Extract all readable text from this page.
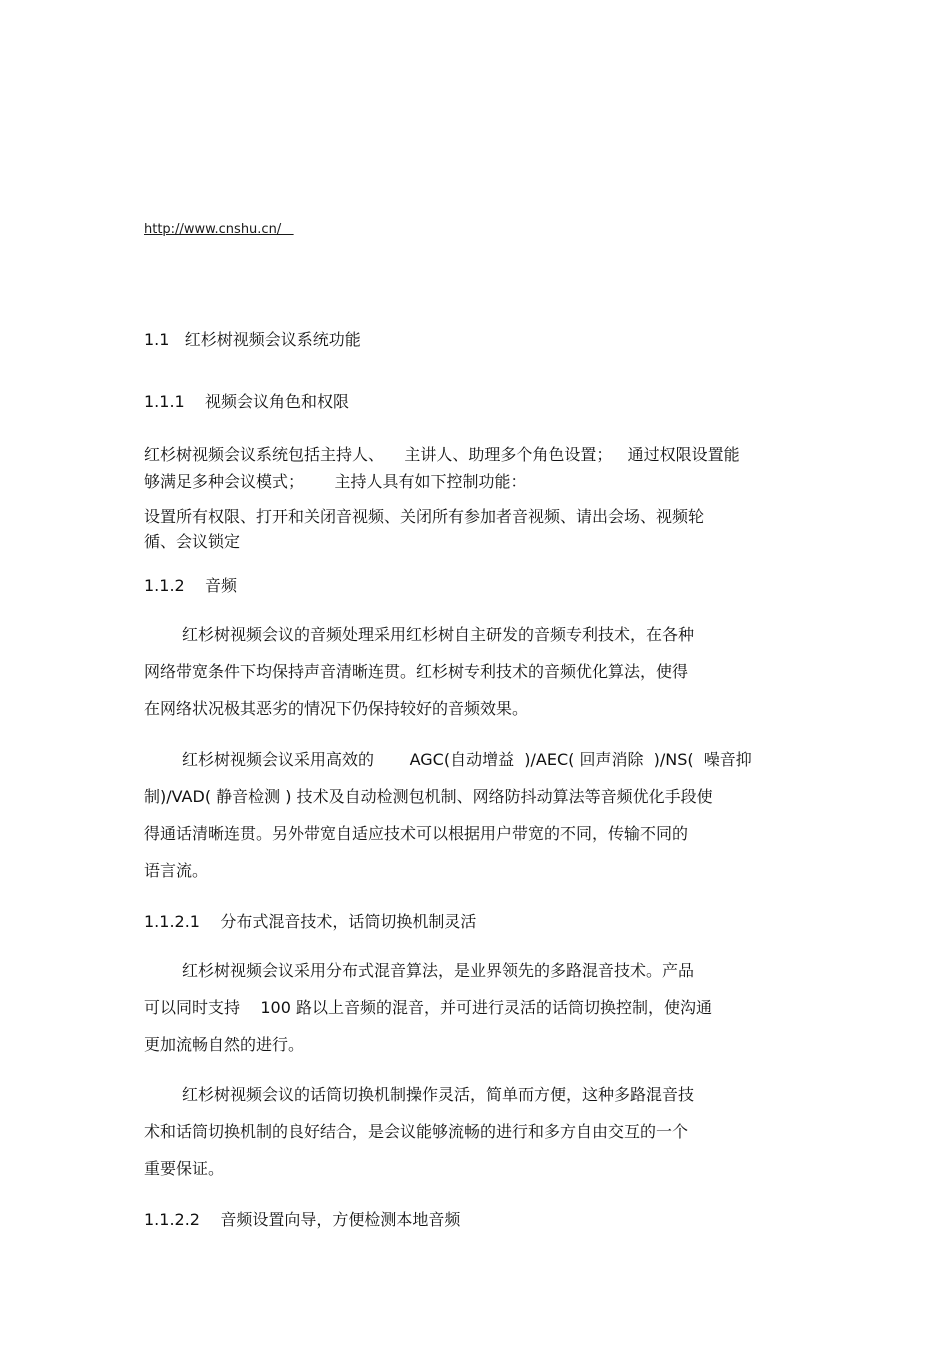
http://www.cnshu.cn/
1.1   红杉树视频会议系统功能
1.1.1    视频会议角色和权限
红杉树视频会议系统包括主持人、    主讲人、助理多个角色设置；   通过权限设置能
够满足多种会议模式；      主持人具有如下控制功能：
设置所有权限、打开和关闭音视频、关闭所有参加者音视频、请出会场、视频轮
循、会议锁定
1.1.2    音频
红杉树视频会议的音频处理采用红杉树自主研发的音频专利技术，在各种
网络带宽条件下均保持声音清晰连贯。红杉树专利技术的音频优化算法，使得
在网络状况极其恶劣的情况下仍保持较好的音频效果。
红杉树视频会议采用高效的       AGC(自动增益  )/AEC( 回声消除  )/NS(  噪音抑
制)/VAD( 静音检测 ) 技术及自动检测包机制、网络防抖动算法等音频优化手段使
得通话清晰连贯。另外带宽自适应技术可以根据用户带宽的不同，传输不同的
语言流。
1.1.2.1    分布式混音技术，话筒切换机制灵活
红杉树视频会议采用分布式混音算法，是业界领先的多路混音技术。产品
可以同时支持    100 路以上音频的混音，并可进行灵活的话筒切换控制，使沟通
更加流畅自然的进行。
红杉树视频会议的话筒切换机制操作灵活，简单而方便，这种多路混音技
术和话筒切换机制的良好结合，是会议能够流畅的进行和多方自由交互的一个
重要保证。
1.1.2.2    音频设置向导，方便检测本地音频
